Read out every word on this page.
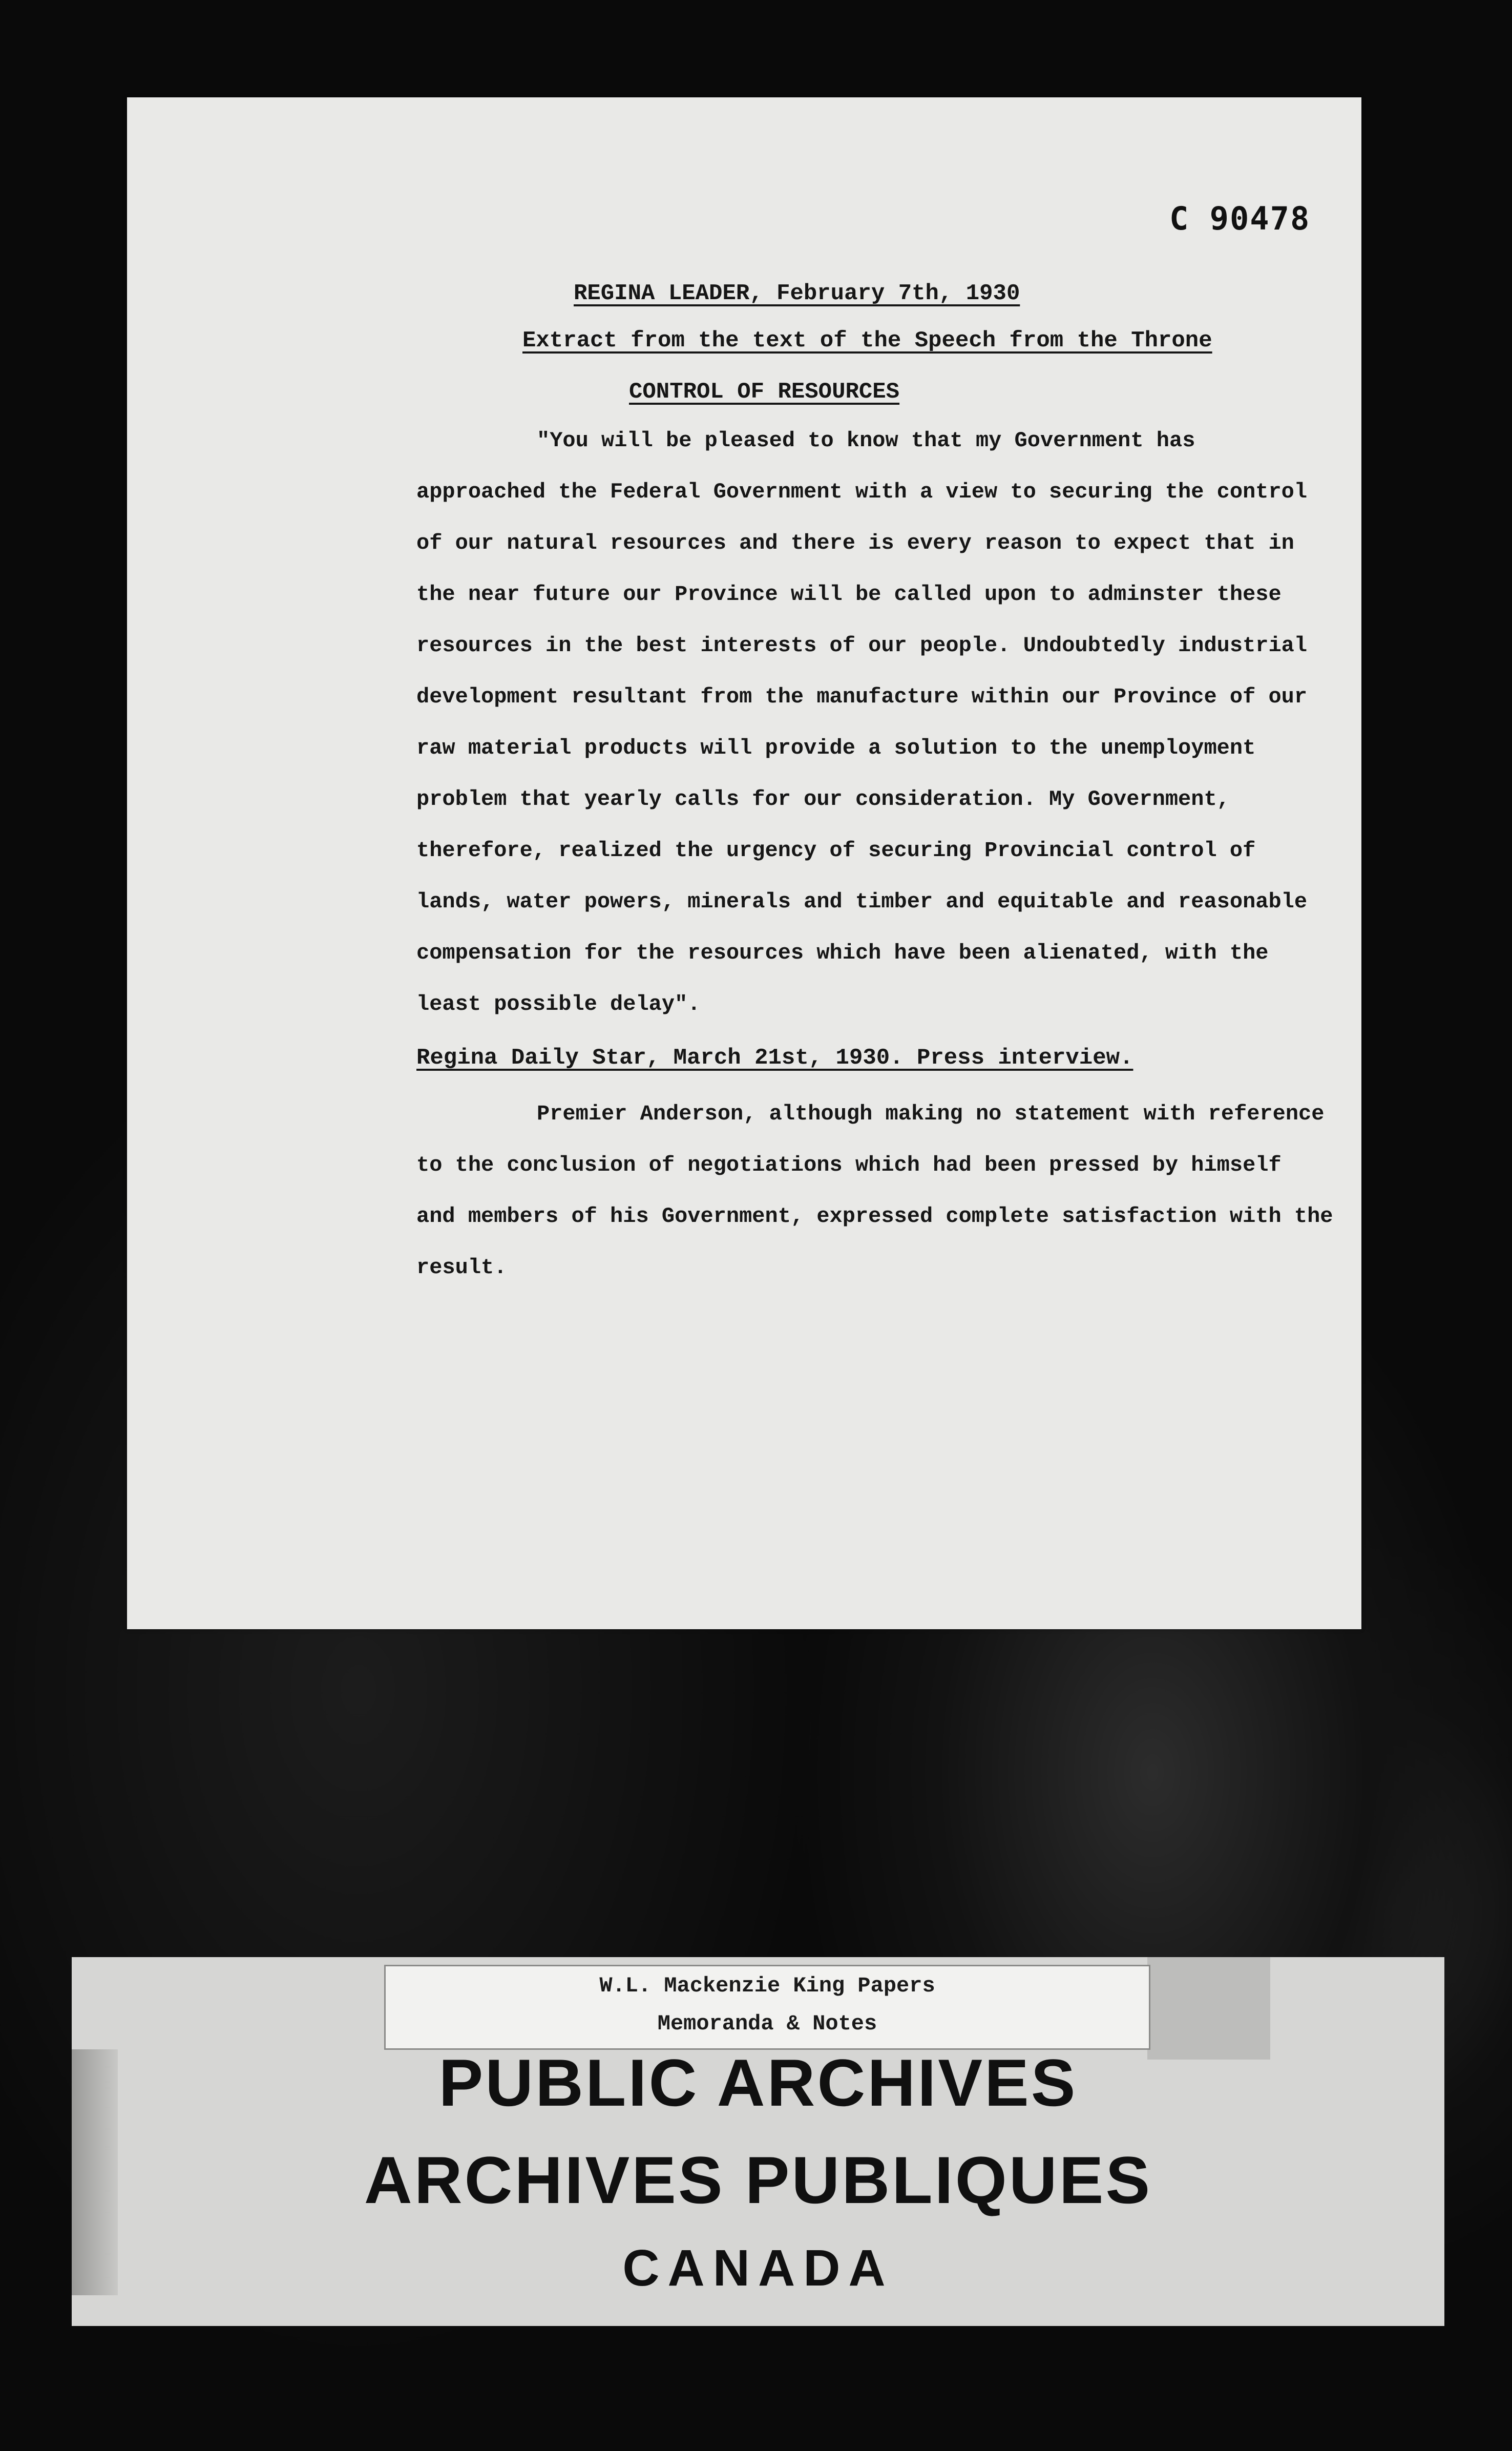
C 90478

REGINA LEADER, February 7th, 1930

Extract from the text of the Speech from the Throne

CONTROL OF RESOURCES

"You will be pleased to know that my Government has

approached the Federal Government with a view to securing the control

of our natural resources and there is every reason to expect that in

the near future our Province will be called upon to adminster these

resources in the best interests of our people. Undoubtedly industrial

development resultant from the manufacture within our Province of our

raw material products will provide a solution to the unemployment

problem that yearly calls for our consideration. My Government,

therefore, realized the urgency of securing Provincial control of

lands, water powers, minerals and timber and equitable and reasonable

compensation for the resources which have been alienated, with the

least possible delay".

Regina Daily Star, March 21st, 1930. Press interview.

Premier Anderson, although making no statement with reference

to the conclusion of negotiations which had been pressed by himself

and members of his Government, expressed complete satisfaction with the

result.

W.L. Mackenzie King Papers

Memoranda & Notes

PUBLIC ARCHIVES

ARCHIVES PUBLIQUES

CANADA
